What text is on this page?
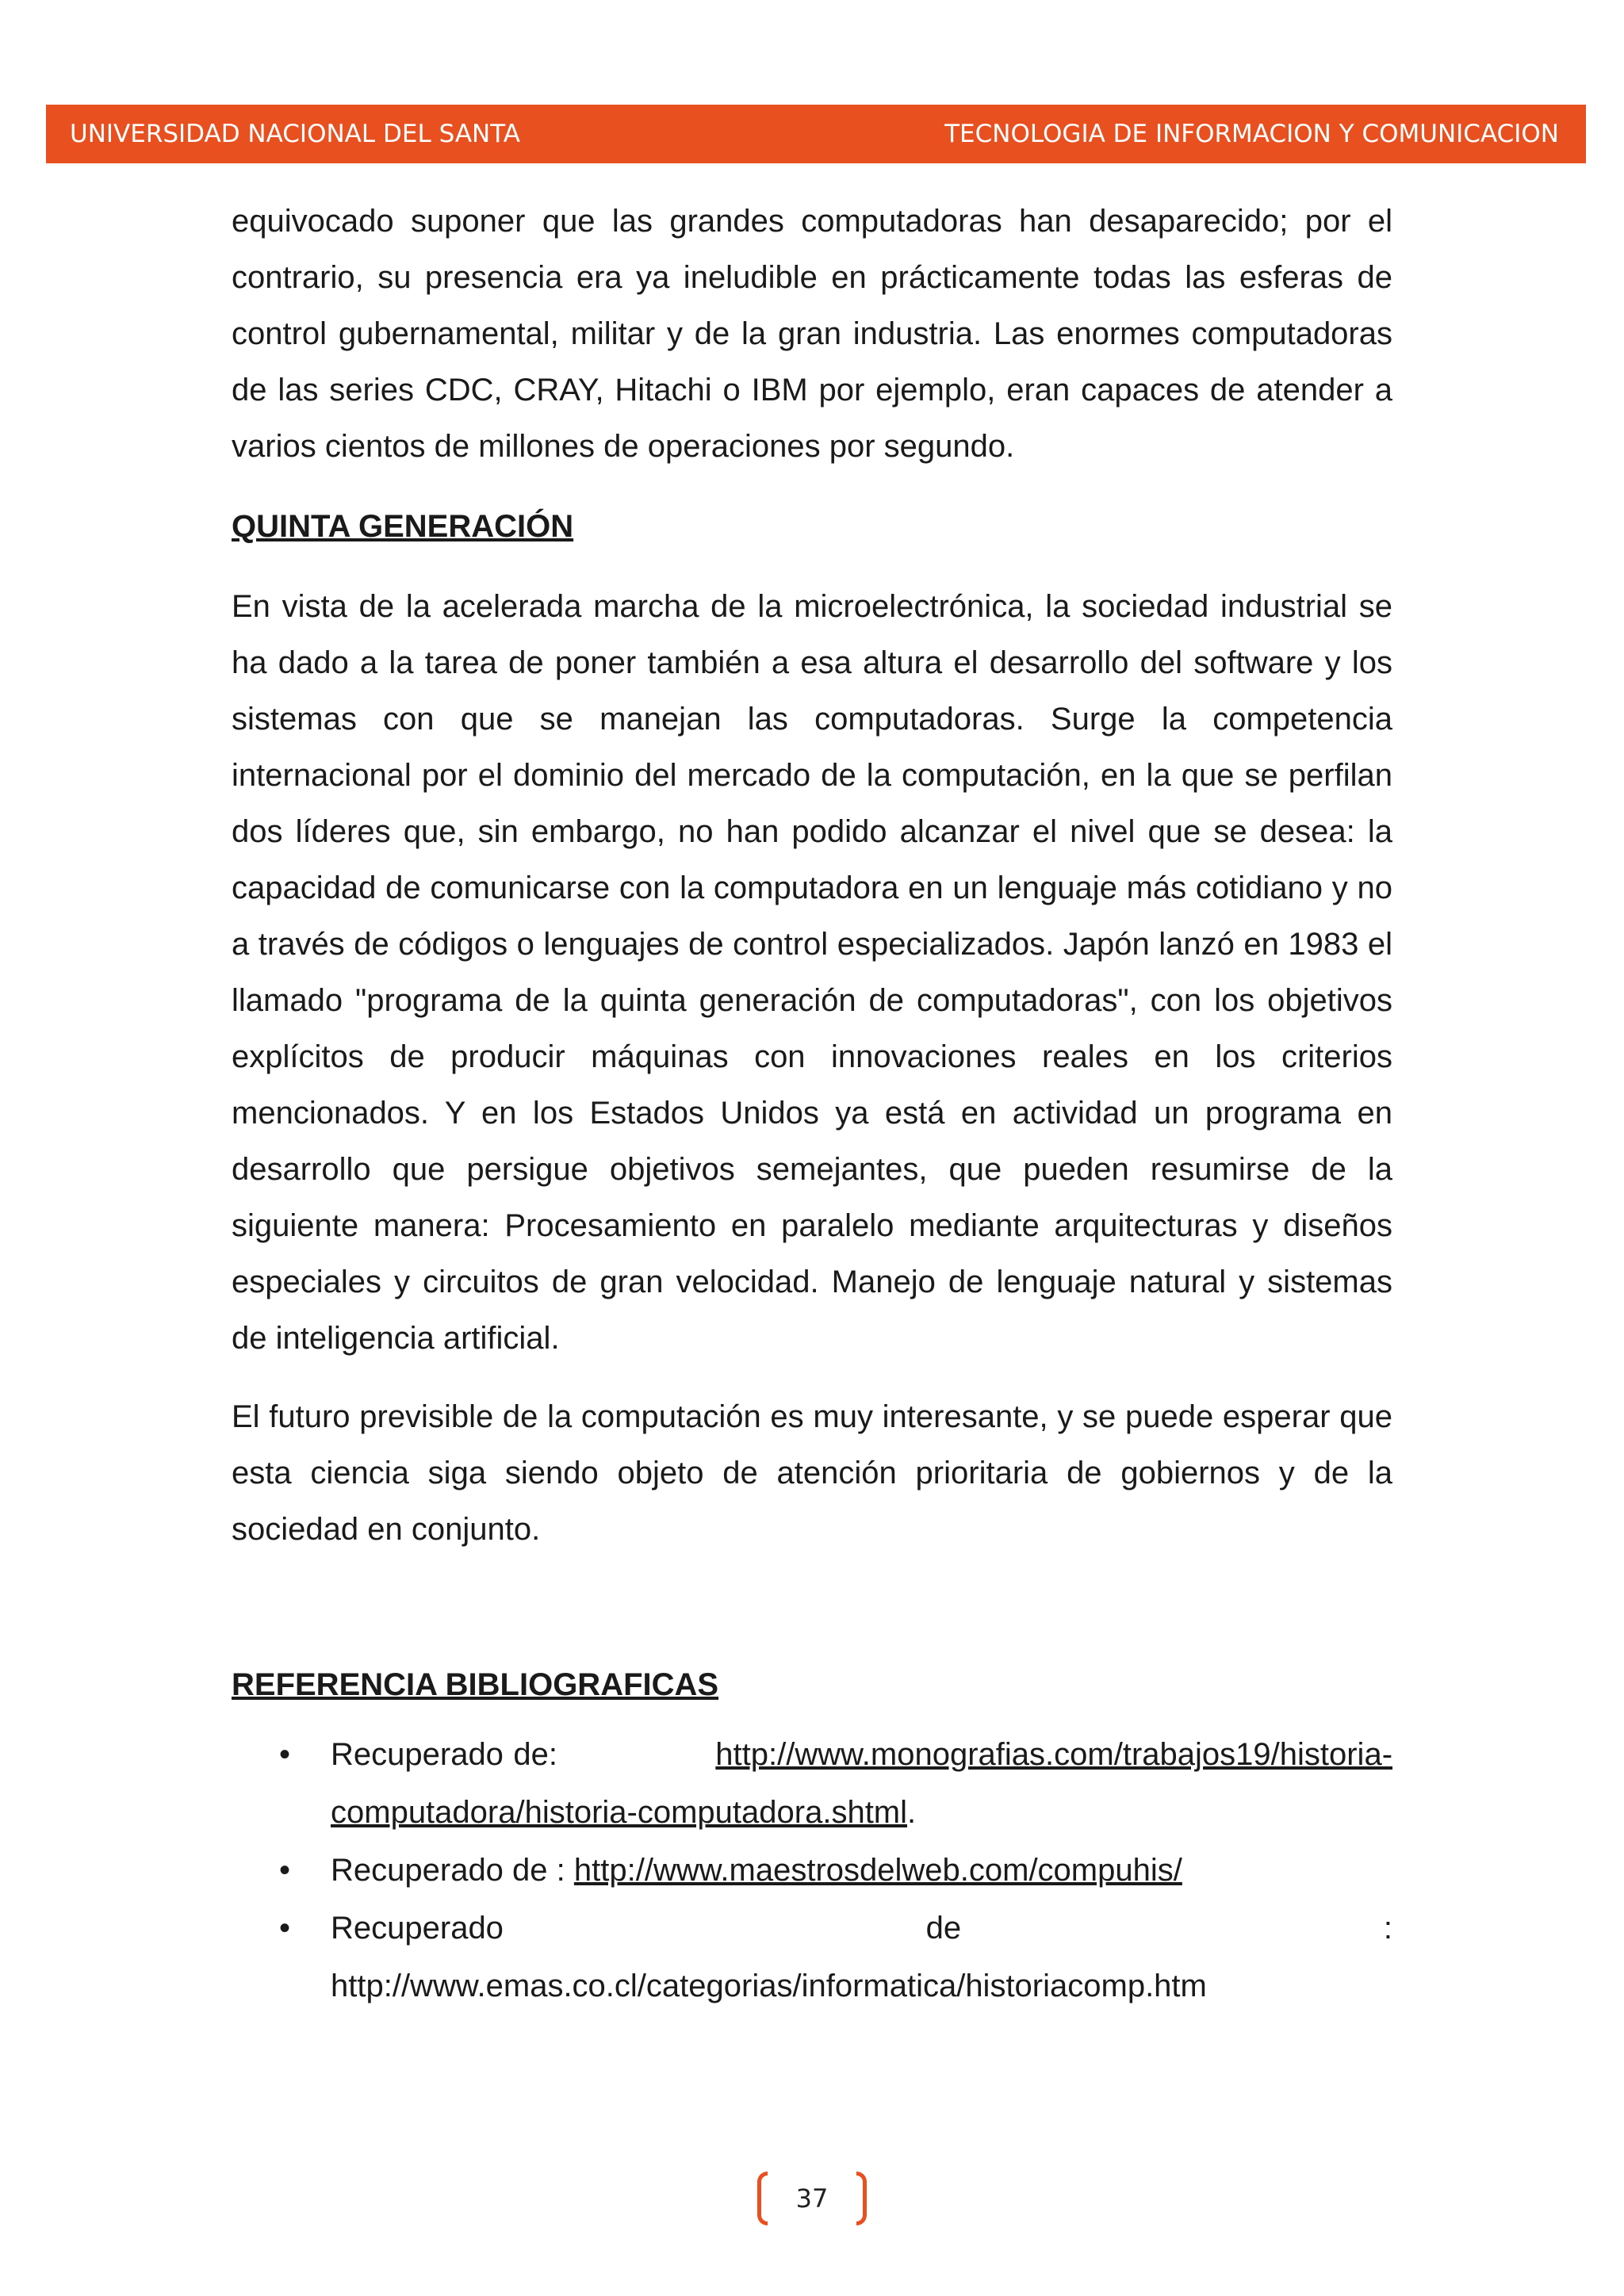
UNIVERSIDAD NACIONAL DEL SANTA	TECNOLOGIA DE INFORMACION Y COMUNICACION

equivocado suponer que las grandes computadoras han desaparecido; por el contrario, su presencia era ya ineludible en prácticamente todas las esferas de control gubernamental, militar y de la gran industria. Las enormes computadoras de las series CDC, CRAY, Hitachi o IBM por ejemplo, eran capaces de atender a varios cientos de millones de operaciones por segundo.

QUINTA GENERACIÓN

En vista de la acelerada marcha de la microelectrónica, la sociedad industrial se ha dado a la tarea de poner también a esa altura el desarrollo del software y los sistemas con que se manejan las computadoras. Surge la competencia internacional por el dominio del mercado de la computación, en la que se perfilan dos líderes que, sin embargo, no han podido alcanzar el nivel que se desea: la capacidad de comunicarse con la computadora en un lenguaje más cotidiano y no a través de códigos o lenguajes de control especializados. Japón lanzó en 1983 el llamado "programa de la quinta generación de computadoras", con los objetivos explícitos de producir máquinas con innovaciones reales en los criterios mencionados. Y en los Estados Unidos ya está en actividad un programa en desarrollo que persigue objetivos semejantes, que pueden resumirse de la siguiente manera: Procesamiento en paralelo mediante arquitecturas y diseños especiales y circuitos de gran velocidad. Manejo de lenguaje natural y sistemas de inteligencia artificial.

El futuro previsible de la computación es muy interesante, y se puede esperar que esta ciencia siga siendo objeto de atención prioritaria de gobiernos y de la sociedad en conjunto.

REFERENCIA BIBLIOGRAFICAS
• Recuperado de:	http://www.monografias.com/trabajos19/historia-computadora/historia-computadora.shtml.
• Recuperado de : http://www.maestrosdelweb.com/compuhis/
• Recuperado	de	:
http://www.emas.co.cl/categorias/informatica/historiacomp.htm
37
